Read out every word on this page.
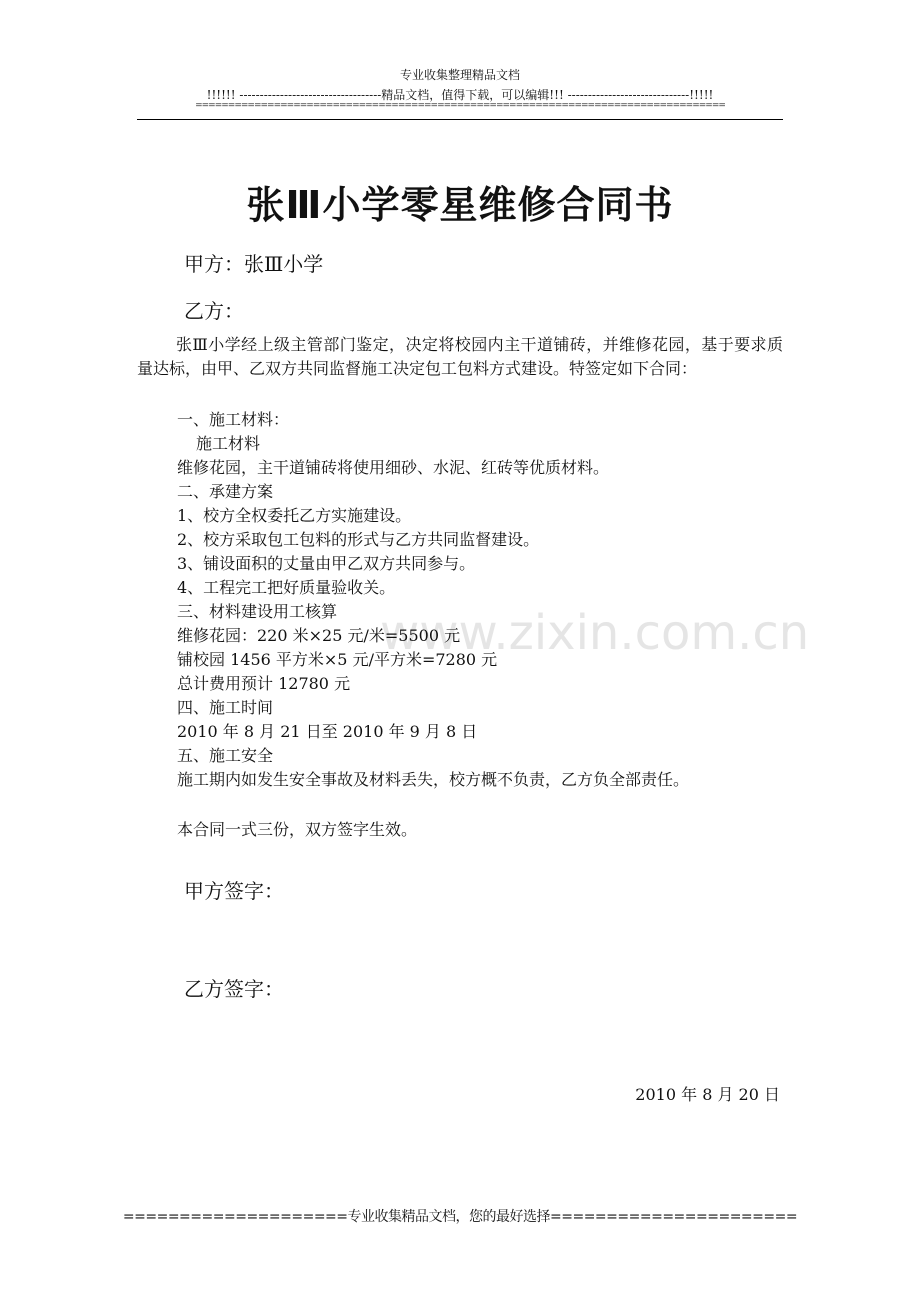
专业收集整理精品文档
!!!!!! -----------------------------------精品文档，值得下载，可以编辑!!! ------------------------------!!!!!
=================================================================================
www.zixin.com.cn
张Ⅲ小学零星维修合同书
甲方：张Ⅲ小学
乙方：
张Ⅲ小学经上级主管部门鉴定，决定将校园内主干道铺砖，并维修花园，基于要求质量达标，由甲、乙双方共同监督施工决定包工包料方式建设。特签定如下合同：
一、施工材料：
施工材料
维修花园，主干道铺砖将使用细砂、水泥、红砖等优质材料。
二、承建方案
1、校方全权委托乙方实施建设。
2、校方采取包工包料的形式与乙方共同监督建设。
3、铺设面积的丈量由甲乙双方共同参与。
4、工程完工把好质量验收关。
三、材料建设用工核算
维修花园：220 米×25 元/米=5500 元
铺校园 1456 平方米×5 元/平方米=7280 元
总计费用预计 12780 元
四、施工时间
2010 年 8 月 21 日至 2010 年 9 月 8 日
五、施工安全
施工期内如发生安全事故及材料丢失，校方概不负责，乙方负全部责任。
本合同一式三份，双方签字生效。
甲方签字：
乙方签字：
2010 年 8 月 20 日
====================专业收集精品文档，您的最好选择======================
